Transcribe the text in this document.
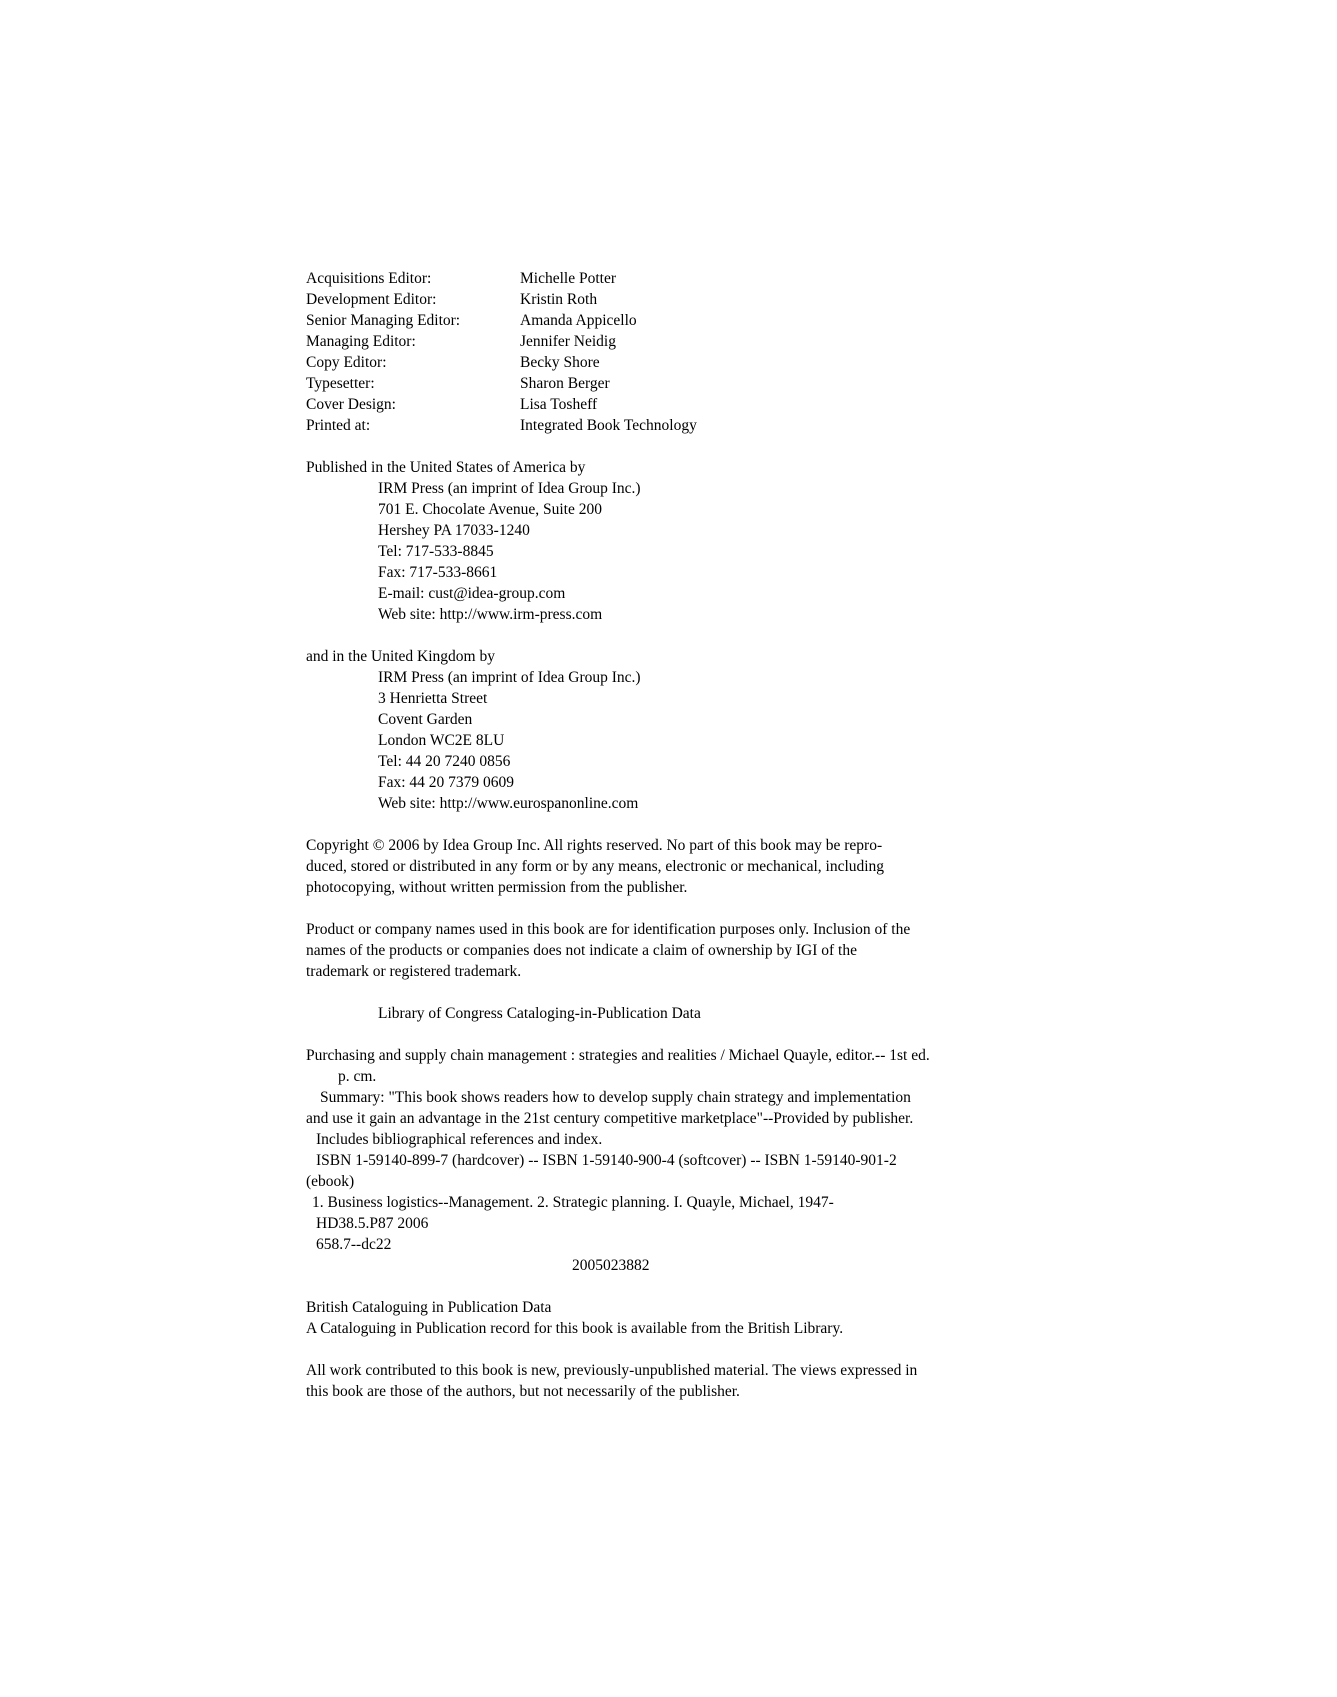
Acquisitions Editor:	Michelle Potter
Development Editor:	Kristin Roth
Senior Managing Editor:	Amanda Appicello
Managing Editor:	Jennifer Neidig
Copy Editor:	Becky Shore
Typesetter:	Sharon Berger
Cover Design:	Lisa Tosheff
Printed at:	Integrated Book Technology
Published in the United States of America by
IRM Press (an imprint of Idea Group Inc.)
701 E. Chocolate Avenue, Suite 200
Hershey PA 17033-1240
Tel: 717-533-8845
Fax: 717-533-8661
E-mail: cust@idea-group.com
Web site: http://www.irm-press.com
and in the United Kingdom by
IRM Press (an imprint of Idea Group Inc.)
3 Henrietta Street
Covent Garden
London WC2E 8LU
Tel: 44 20 7240 0856
Fax: 44 20 7379 0609
Web site: http://www.eurospanonline.com
Copyright © 2006 by Idea Group Inc. All rights reserved. No part of this book may be repro-
duced, stored or distributed in any form or by any means, electronic or mechanical, including
photocopying, without written permission from the publisher.
Product or company names used in this book are for identification purposes only. Inclusion of the
names of the products or companies does not indicate a claim of ownership by IGI of the
trademark or registered trademark.
Library of Congress Cataloging-in-Publication Data
Purchasing and supply chain management : strategies and realities / Michael Quayle, editor.-- 1st ed.
p. cm.
Summary: "This book shows readers how to develop supply chain strategy and implementation
and use it gain an advantage in the 21st century competitive marketplace"--Provided by publisher.
Includes bibliographical references and index.
ISBN 1-59140-899-7 (hardcover) -- ISBN 1-59140-900-4 (softcover) -- ISBN 1-59140-901-2
(ebook)
1. Business logistics--Management. 2. Strategic planning. I. Quayle, Michael, 1947-
HD38.5.P87 2006
658.7--dc22
2005023882
British Cataloguing in Publication Data
A Cataloguing in Publication record for this book is available from the British Library.
All work contributed to this book is new, previously-unpublished material. The views expressed in
this book are those of the authors, but not necessarily of the publisher.
